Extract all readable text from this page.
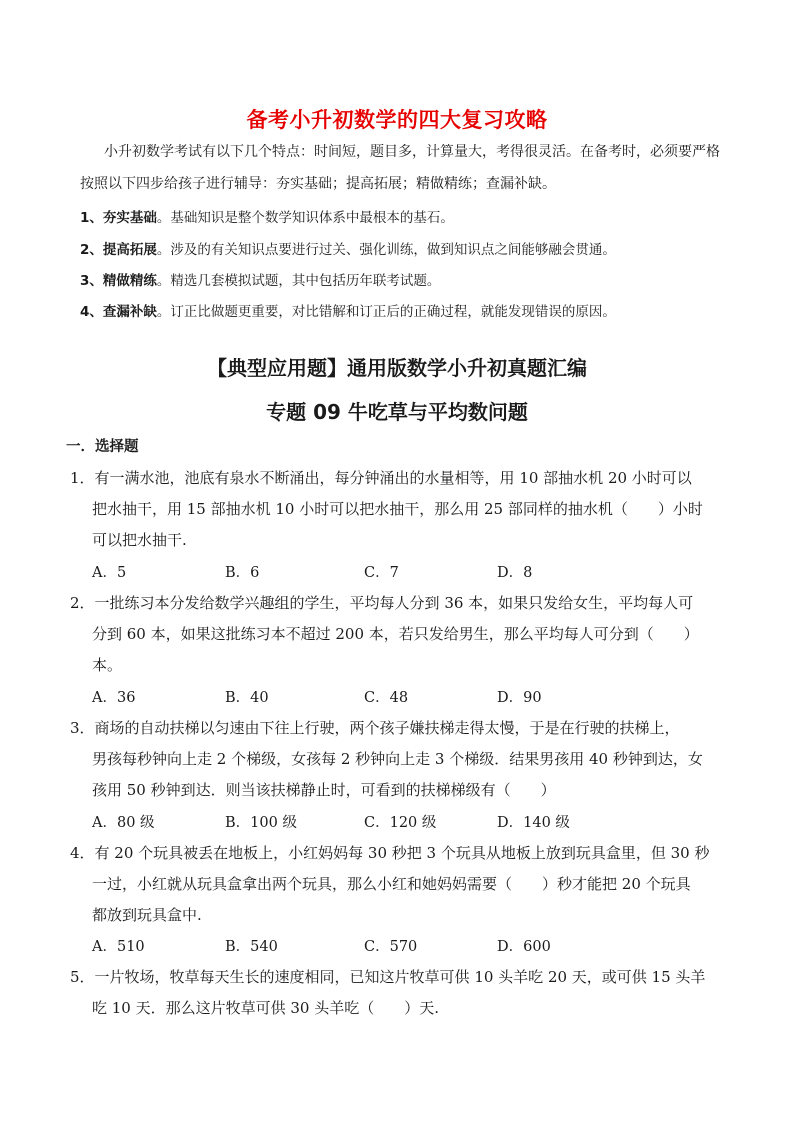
备考小升初数学的四大复习攻略
小升初数学考试有以下几个特点：时间短，题目多，计算量大，考得很灵活。在备考时，必须要严格
按照以下四步给孩子进行辅导：夯实基础；提高拓展；精做精练；查漏补缺。
1、夯实基础。基础知识是整个数学知识体系中最根本的基石。
2、提高拓展。涉及的有关知识点要进行过关、强化训练，做到知识点之间能够融会贯通。
3、精做精练。精选几套模拟试题，其中包括历年联考试题。
4、查漏补缺。订正比做题更重要，对比错解和订正后的正确过程，就能发现错误的原因。
【典型应用题】通用版数学小升初真题汇编
专题 09 牛吃草与平均数问题
一．选择题
1．有一满水池，池底有泉水不断涌出，每分钟涌出的水量相等，用 10 部抽水机 20 小时可以
把水抽干，用 15 部抽水机 10 小时可以把水抽干，那么用 25 部同样的抽水机（　　）小时
可以把水抽干.
A．5	B．6	C．7	D．8
2．一批练习本分发给数学兴趣组的学生，平均每人分到 36 本，如果只发给女生，平均每人可
分到 60 本，如果这批练习本不超过 200 本，若只发给男生，那么平均每人可分到（　　）
本。
A．36	B．40	C．48	D．90
3．商场的自动扶梯以匀速由下往上行驶，两个孩子嫌扶梯走得太慢，于是在行驶的扶梯上，
男孩每秒钟向上走 2 个梯级，女孩每 2 秒钟向上走 3 个梯级．结果男孩用 40 秒钟到达，女
孩用 50 秒钟到达．则当该扶梯静止时，可看到的扶梯梯级有（　　）
A．80 级	B．100 级	C．120 级	D．140 级
4．有 20 个玩具被丢在地板上，小红妈妈每 30 秒把 3 个玩具从地板上放到玩具盒里，但 30 秒
一过，小红就从玩具盒拿出两个玩具，那么小红和她妈妈需要（　　）秒才能把 20 个玩具
都放到玩具盒中.
A．510	B．540	C．570	D．600
5．一片牧场，牧草每天生长的速度相同，已知这片牧草可供 10 头羊吃 20 天，或可供 15 头羊
吃 10 天．那么这片牧草可供 30 头羊吃（　　）天.
